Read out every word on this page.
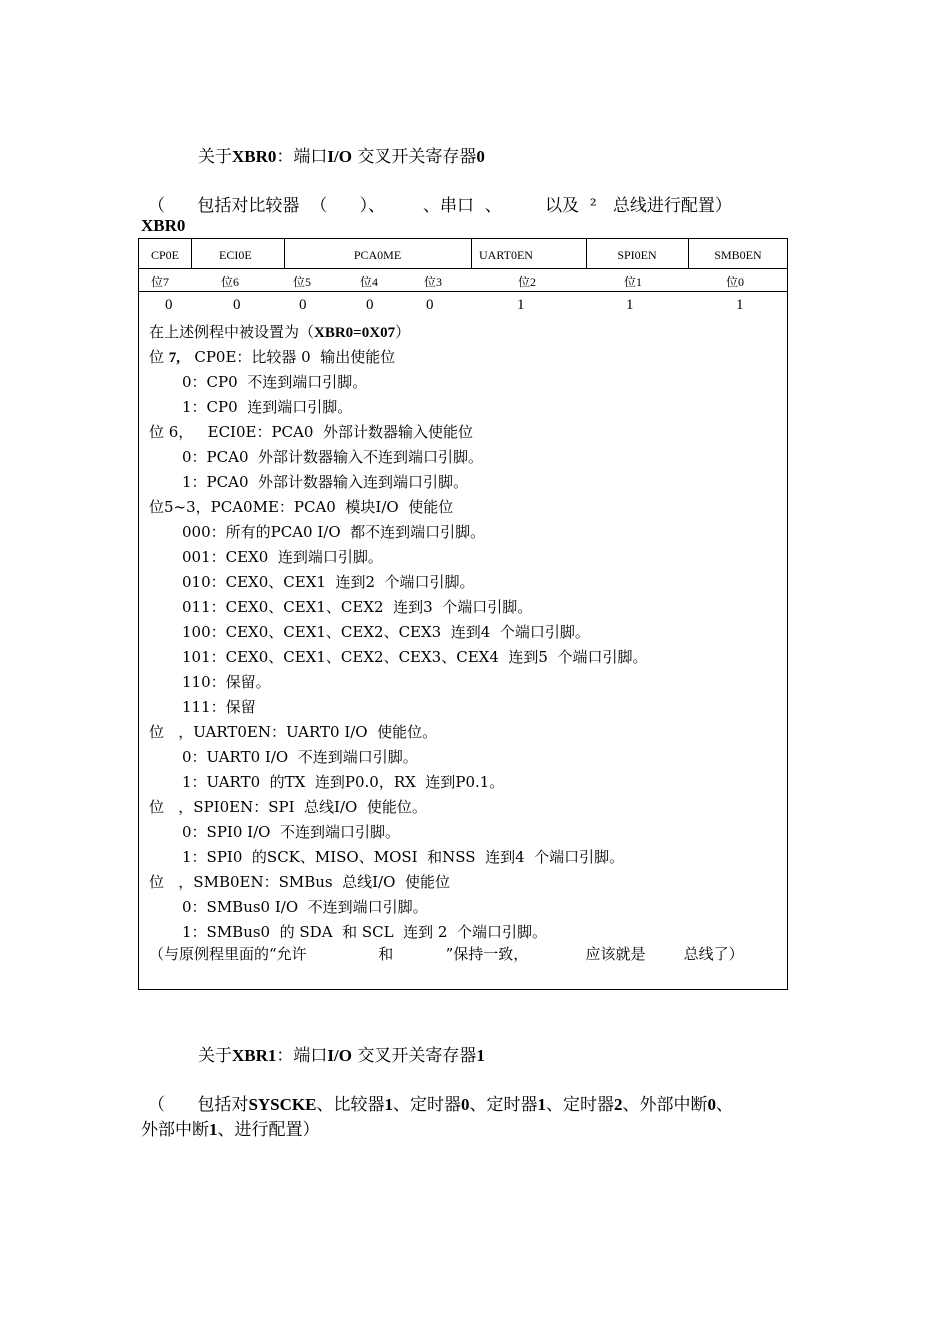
关于XBR0：端口I/O 交叉开关寄存器0
（      包括对比较器  （      ）、       、串口  、        以及  ²   总线进行配置）
XBR0
CP0E	ECI0E	PCA0ME	UART0EN	SPI0EN	SMB0EN
位7	位6	位5	位4	位3	位2	位1	位0
0	0	0	0	0	1	1	1
在上述例程中被设置为（XBR0=0X07）
位 7,   CP0E：比较器 0  输出使能位
0：CP0  不连到端口引脚。
1：CP0  连到端口引脚。
位 6，   ECI0E：PCA0  外部计数器输入使能位
0：PCA0  外部计数器输入不连到端口引脚。
1：PCA0  外部计数器输入连到端口引脚。
位5~3，PCA0ME：PCA0  模块I/O  使能位
000：所有的PCA0 I/O  都不连到端口引脚。
001：CEX0  连到端口引脚。
010：CEX0、CEX1  连到2  个端口引脚。
011：CEX0、CEX1、CEX2  连到3  个端口引脚。
100：CEX0、CEX1、CEX2、CEX3  连到4  个端口引脚。
101：CEX0、CEX1、CEX2、CEX3、CEX4  连到5  个端口引脚。
110：保留。
111：保留
位   ，UART0EN：UART0 I/O  使能位。
0：UART0 I/O  不连到端口引脚。
1：UART0  的TX  连到P0.0，RX  连到P0.1。
位   ，SPI0EN：SPI  总线I/O  使能位。
0：SPI0 I/O  不连到端口引脚。
1：SPI0  的SCK、MISO、MOSI  和NSS  连到4  个端口引脚。
位   ，SMB0EN：SMBus  总线I/O  使能位
0：SMBus0 I/O  不连到端口引脚。
1：SMBus0  的 SDA  和 SCL  连到 2  个端口引脚。
（与原例程里面的“允许               和           ”保持一致，            应该就是        总线了）
关于XBR1：端口I/O 交叉开关寄存器1
（      包括对SYSCKE、比较器1、定时器0、定时器1、定时器2、外部中断0、
外部中断1、进行配置）
